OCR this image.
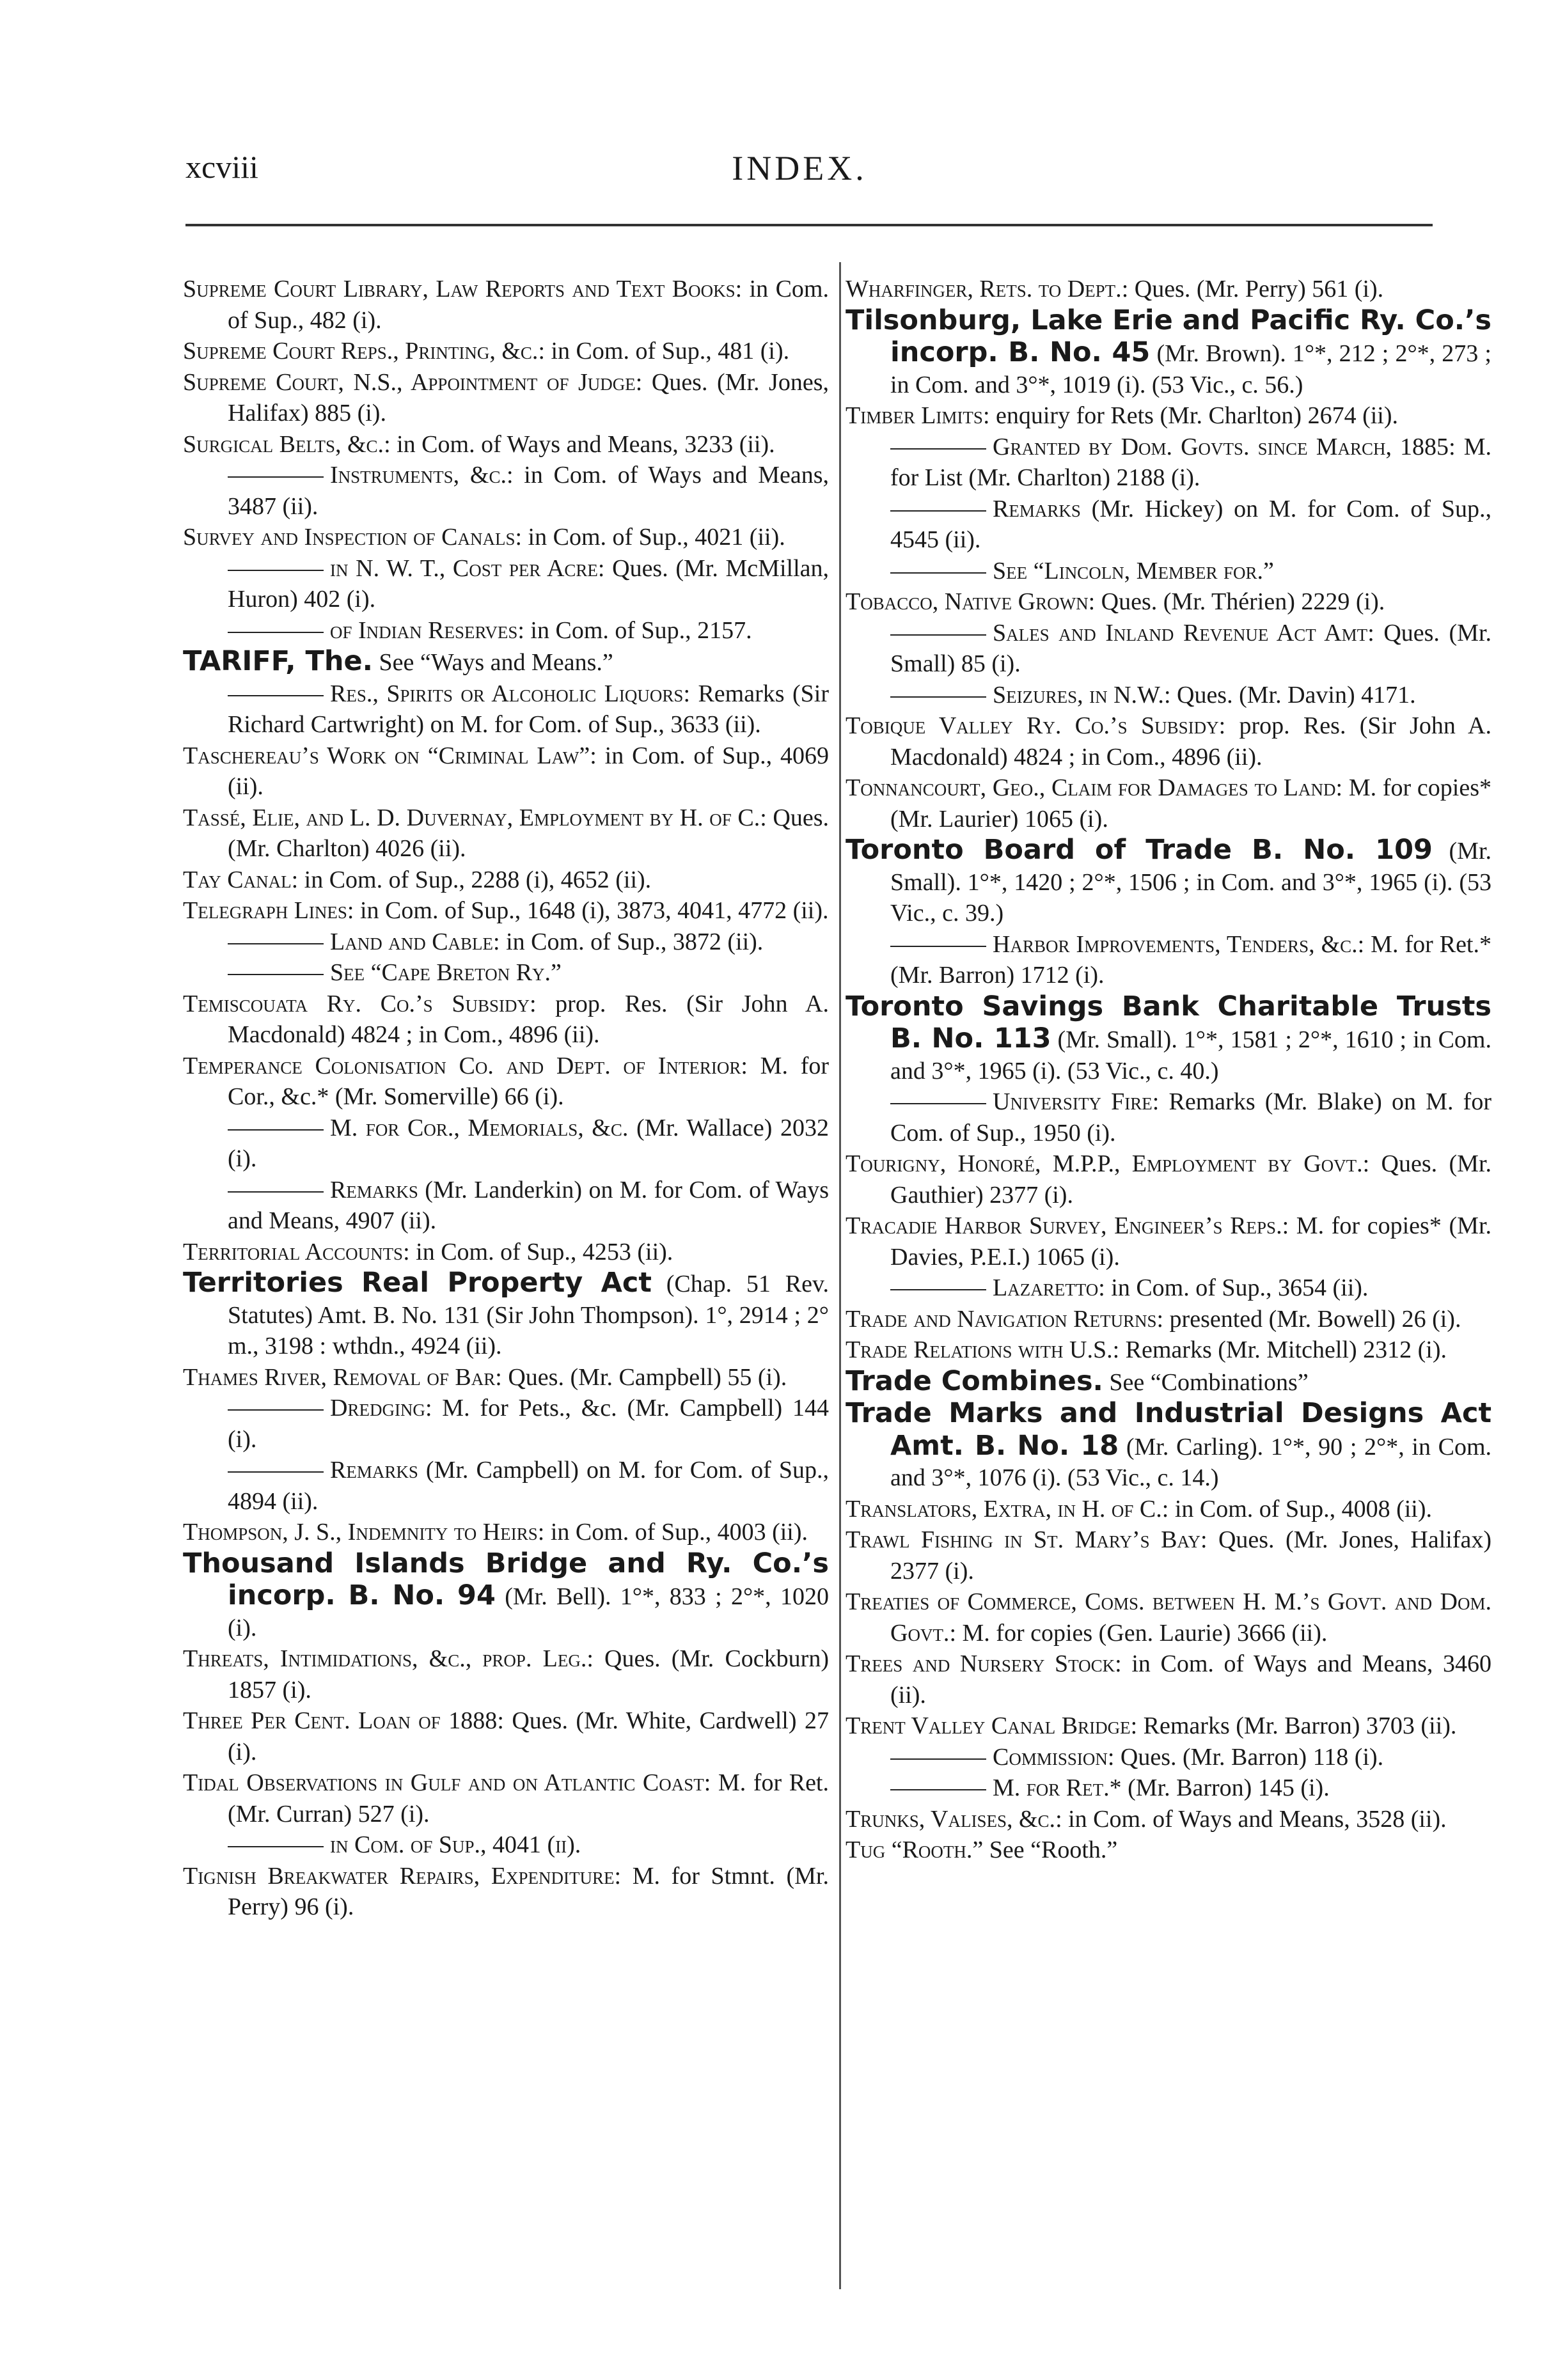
xcviii	INDEX.

Supreme Court Library, Law Reports and Text Books: in Com. of Sup., 482 (i).

Supreme Court Reps., Printing, &c.: in Com. of Sup., 481 (i).

Supreme Court, N.S., Appointment of Judge: Ques. (Mr. Jones, Halifax) 885 (i).

Surgical Belts, &c.: in Com. of Ways and Means, 3233 (ii).

Instruments, &c.: in Com. of Ways and Means, 3487 (ii).

Survey and Inspection of Canals: in Com. of Sup., 4021 (ii).

in N. W. T., Cost per Acre: Ques. (Mr. McMillan, Huron) 402 (i).

of Indian Reserves: in Com. of Sup., 2157.

TARIFF, The. See “Ways and Means.”

Res., Spirits or Alcoholic Liquors: Remarks (Sir Richard Cartwright) on M. for Com. of Sup., 3633 (ii).

Taschereau’s Work on “Criminal Law”: in Com. of Sup., 4069 (ii).

Tassé, Elie, and L. D. Duvernay, Employment by H. of C.: Ques. (Mr. Charlton) 4026 (ii).

Tay Canal: in Com. of Sup., 2288 (i), 4652 (ii).

Telegraph Lines: in Com. of Sup., 1648 (i), 3873, 4041, 4772 (ii).

Land and Cable: in Com. of Sup., 3872 (ii).

See “Cape Breton Ry.”

Temiscouata Ry. Co.’s Subsidy: prop. Res. (Sir John A. Macdonald) 4824 ; in Com., 4896 (ii).

Temperance Colonisation Co. and Dept. of Interior: M. for Cor., &c.* (Mr. Somerville) 66 (i).

M. for Cor., Memorials, &c. (Mr. Wallace) 2032 (i).

Remarks (Mr. Landerkin) on M. for Com. of Ways and Means, 4907 (ii).

Territorial Accounts: in Com. of Sup., 4253 (ii).

Territories Real Property Act (Chap. 51 Rev. Statutes) Amt. B. No. 131 (Sir John Thompson). 1°, 2914 ; 2° m., 3198 : wthdn., 4924 (ii).

Thames River, Removal of Bar: Ques. (Mr. Campbell) 55 (i).

Dredging: M. for Pets., &c. (Mr. Campbell) 144 (i).

Remarks (Mr. Campbell) on M. for Com. of Sup., 4894 (ii).

Thompson, J. S., Indemnity to Heirs: in Com. of Sup., 4003 (ii).

Thousand Islands Bridge and Ry. Co.’s incorp. B. No. 94 (Mr. Bell). 1°*, 833 ; 2°*, 1020 (i).

Threats, Intimidations, &c., prop. Leg.: Ques. (Mr. Cockburn) 1857 (i).

Three Per Cent. Loan of 1888: Ques. (Mr. White, Cardwell) 27 (i).

Tidal Observations in Gulf and on Atlantic Coast: M. for Ret. (Mr. Curran) 527 (i).

in Com. of Sup., 4041 (ii).

Tignish Breakwater Repairs, Expenditure: M. for Stmnt. (Mr. Perry) 96 (i).

Wharfinger, Rets. to Dept.: Ques. (Mr. Perry) 561 (i).

Tilsonburg, Lake Erie and Pacific Ry. Co.’s incorp. B. No. 45 (Mr. Brown). 1°*, 212 ; 2°*, 273 ; in Com. and 3°*, 1019 (i). (53 Vic., c. 56.)

Timber Limits: enquiry for Rets (Mr. Charlton) 2674 (ii).

Granted by Dom. Govts. since March, 1885: M. for List (Mr. Charlton) 2188 (i).

Remarks (Mr. Hickey) on M. for Com. of Sup., 4545 (ii).

See “Lincoln, Member for.”

Tobacco, Native Grown: Ques. (Mr. Thérien) 2229 (i).

Sales and Inland Revenue Act Amt: Ques. (Mr. Small) 85 (i).

Seizures, in N.W.: Ques. (Mr. Davin) 4171.

Tobique Valley Ry. Co.’s Subsidy: prop. Res. (Sir John A. Macdonald) 4824 ; in Com., 4896 (ii).

Tonnancourt, Geo., Claim for Damages to Land: M. for copies* (Mr. Laurier) 1065 (i).

Toronto Board of Trade B. No. 109 (Mr. Small). 1°*, 1420 ; 2°*, 1506 ; in Com. and 3°*, 1965 (i). (53 Vic., c. 39.)

Harbor Improvements, Tenders, &c.: M. for Ret.* (Mr. Barron) 1712 (i).

Toronto Savings Bank Charitable Trusts B. No. 113 (Mr. Small). 1°*, 1581 ; 2°*, 1610 ; in Com. and 3°*, 1965 (i). (53 Vic., c. 40.)

University Fire: Remarks (Mr. Blake) on M. for Com. of Sup., 1950 (i).

Tourigny, Honoré, M.P.P., Employment by Govt.: Ques. (Mr. Gauthier) 2377 (i).

Tracadie Harbor Survey, Engineer’s Reps.: M. for copies* (Mr. Davies, P.E.I.) 1065 (i).

Lazaretto: in Com. of Sup., 3654 (ii).

Trade and Navigation Returns: presented (Mr. Bowell) 26 (i).

Trade Relations with U.S.: Remarks (Mr. Mitchell) 2312 (i).

Trade Combines. See “Combinations”

Trade Marks and Industrial Designs Act Amt. B. No. 18 (Mr. Carling). 1°*, 90 ; 2°*, in Com. and 3°*, 1076 (i). (53 Vic., c. 14.)

Translators, Extra, in H. of C.: in Com. of Sup., 4008 (ii).

Trawl Fishing in St. Mary’s Bay: Ques. (Mr. Jones, Halifax) 2377 (i).

Treaties of Commerce, Coms. between H. M.’s Govt. and Dom. Govt.: M. for copies (Gen. Laurie) 3666 (ii).

Trees and Nursery Stock: in Com. of Ways and Means, 3460 (ii).

Trent Valley Canal Bridge: Remarks (Mr. Barron) 3703 (ii).

Commission: Ques. (Mr. Barron) 118 (i).

M. for Ret.* (Mr. Barron) 145 (i).

Trunks, Valises, &c.: in Com. of Ways and Means, 3528 (ii).

Tug “Rooth.” See “Rooth.”
